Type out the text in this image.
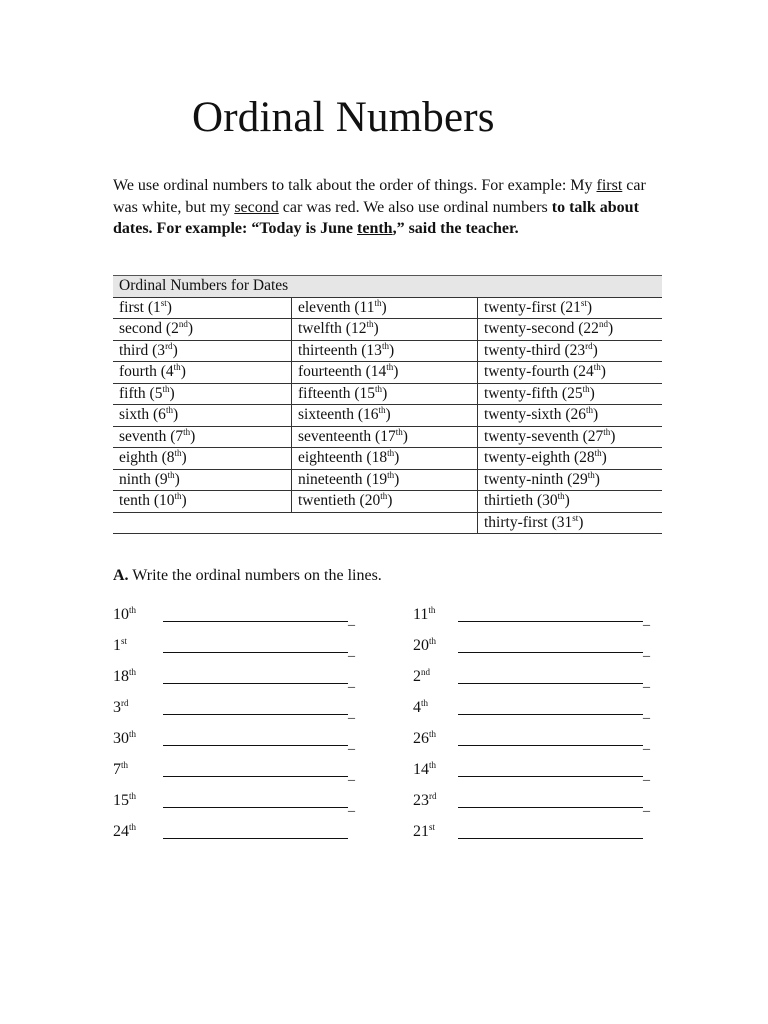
Ordinal Numbers
We use ordinal numbers to talk about the order of things. For example: My first car was white, but my second car was red. We also use ordinal numbers to talk about dates. For example: “Today is June tenth,” said the teacher.
Ordinal Numbers for Dates		
first (1st)	eleventh (11th)	twenty-first (21st)
second (2nd)	twelfth (12th)	twenty-second (22nd)
third (3rd)	thirteenth (13th)	twenty-third (23rd)
fourth (4th)	fourteenth (14th)	twenty-fourth (24th)
fifth (5th)	fifteenth (15th)	twenty-fifth (25th)
sixth (6th)	sixteenth (16th)	twenty-sixth (26th)
seventh (7th)	seventeenth (17th)	twenty-seventh (27th)
eighth (8th)	eighteenth (18th)	twenty-eighth (28th)
ninth (9th)	nineteenth (19th)	twenty-ninth (29th)
tenth (10th)	twentieth (20th)	thirtieth (30th)
		thirty-first (31st)
A. Write the ordinal numbers on the lines.
10th
_
1st
_
18th
_
3rd
_
30th
_
7th
_
15th
_
24th
11th
_
20th
_
2nd
_
4th
_
26th
_
14th
_
23rd
_
21st
